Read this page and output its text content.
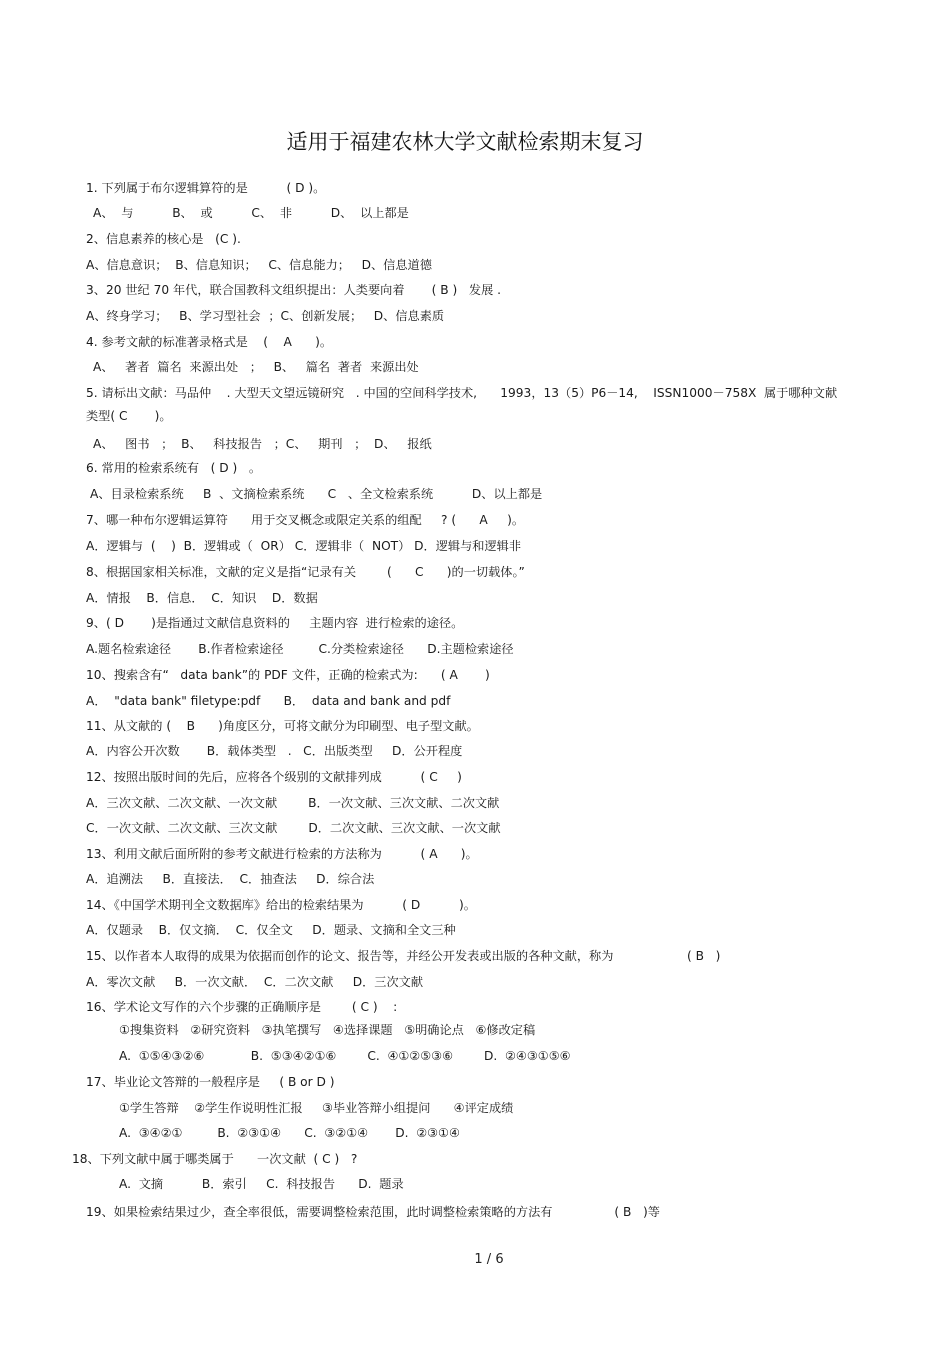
适用于福建农林大学文献检索期末复习
1. 下列属于布尔逻辑算符的是          ( D )。
A、  与          B、  或          C、  非          D、  以上都是
2、信息素养的核心是   (C ).
A、信息意识；  B、信息知识；   C、信息能力；   D、信息道德
3、20 世纪 70 年代，联合国教科文组织提出：人类要向着       ( B )   发展 .
A、终身学习；   B、学习型社会  ；C、创新发展；   D、信息素质
4. 参考文献的标准著录格式是    (    A      )。
A、   著者  篇名  来源出处   ；   B、   篇名  著者  来源出处
5. 请标出文献：马品仲    . 大型天文望远镜研究   . 中国的空间科学技术,      1993，13（5）P6－14,    ISSN1000－758X  属于哪种文献
类型( C       )。
A、   图书   ；  B、   科技报告   ；C、   期刊   ；  D、   报纸
6. 常用的检索系统有   ( D )   。
A、目录检索系统     B  、文摘检索系统      C   、全文检索系统          D、以上都是
7、哪一种布尔逻辑运算符      用于交叉概念或限定关系的组配     ? (      A     )。
A．逻辑与  (    )  B．逻辑或（  OR） C．逻辑非（  NOT） D．逻辑与和逻辑非
8、根据国家相关标准，文献的定义是指“记录有关        (      C      )的一切载体。”
A．情报    B．信息．  C．知识    D．数据
9、( D       )是指通过文献信息资料的     主题内容  进行检索的途径。
A.题名检索途径       B.作者检索途径         C.分类检索途径      D.主题检索途径
10、搜索含有“   data bank”的 PDF 文件，正确的检索式为:      ( A       )
A．  "data bank" filetype:pdf      B．  data and bank and pdf
11、从文献的 (    B      )角度区分，可将文献分为印刷型、电子型文献。
A．内容公开次数       B．载体类型   .   C．出版类型     D．公开程度
12、按照出版时间的先后，应将各个级别的文献排列成          ( C     )
A．三次文献、二次文献、一次文献        B．一次文献、三次文献、二次文献
C．一次文献、二次文献、三次文献        D．二次文献、三次文献、一次文献
13、利用文献后面所附的参考文献进行检索的方法称为          ( A      )。
A．追溯法     B．直接法．  C．抽查法     D．综合法
14、《中国学术期刊全文数据库》给出的检索结果为          ( D          )。
A．仅题录    B．仅文摘．  C．仅全文     D．题录、文摘和全文三种
15、以作者本人取得的成果为依据而创作的论文、报告等，并经公开发表或出版的各种文献，称为                   ( B   )
A．零次文献     B．一次文献．  C．二次文献     D．三次文献
16、学术论文写作的六个步骤的正确顺序是        ( C )    :
①搜集资料   ②研究资料   ③执笔撰写   ④选择课题   ⑤明确论点   ⑥修改定稿
A.  ①⑤④③②⑥            B.  ⑤③④②①⑥        C.  ④①②⑤③⑥        D.  ②④③①⑤⑥
17、毕业论文答辩的一般程序是     ( B or D )
①学生答辩    ②学生作说明性汇报     ③毕业答辩小组提问      ④评定成绩
A.  ③④②①         B.  ②③①④      C.  ③②①④       D.  ②③①④
18、下列文献中属于哪类属于      一次文献  ( C )   ?
A.  文摘          B．索引     C.  科技报告      D.  题录
19、如果检索结果过少，查全率很低，需要调整检索范围，此时调整检索策略的方法有                ( B   )等
1 / 6
